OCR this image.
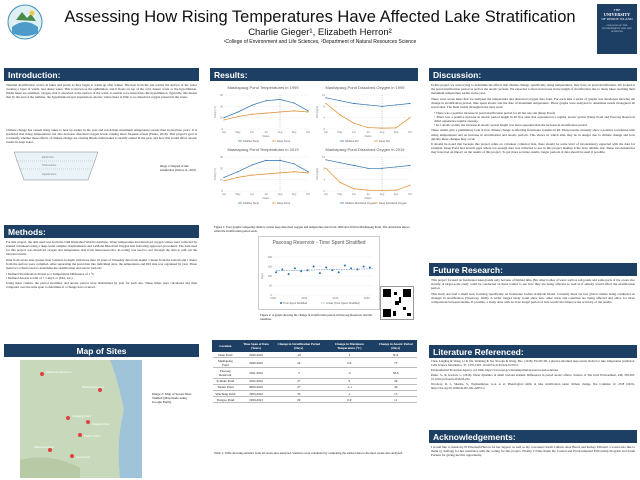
Assessing How Rising Temperatures Have Affected Lake Stratification
Charlie Gieger¹, Elizabeth Herron²
¹College of Environment and Life Sciences, ²Department of Natural Resources Science
THE
UNIVERSITY
OF RHODE ISLAND
COLLEGE OF THE ENVIRONMENT AND LIFE SCIENCES
Introduction:

Thermal stratification occurs in lakes and ponds as they begin to warm up after winter. The heat from the sun warms the surface of the water creating a layer of warm, less dense water. This is known as the epilimnion, and it floats on top of the cold, denser water or the hypolimnion. While lakes are stratified, oxygen, that is absorbed at the surface of the water, is unable to be mixed into the hypolimnion. Typically, this means that by the end of the summer, the hypolimnion layer experiences anoxia, where there is little to no dissolved oxygen present in the water.

Climate change has caused many lakes to heat up earlier in the year and reach their maximum temperature sooner than in previous years. It is predicted that rising temperatures can also decrease dissolved oxygen levels causing more frequent events (Pasko, 2016). This project's goal is to identify whether these effects of climate change are causing Rhode Island lakes to stratify earlier in the year, and how this would affect anoxic events in deep water.

Epilimnion
Thermocline
Hypolimnion
Image 1: Diagram of lake stratification (Chen et al., 2018)
Methods:

For this project, the data used was from the URI Watershed Watch's database. Water temperature and dissolved oxygen values were collected by trained volunteers using a deep-water sampler, thermometers and LaMotte Dissolved Oxygen kits following approved procedures. The data used for this project was dissolved oxygen and temperature data from lakes/reservoirs. R-coding was used to sort through the data to pull out the relevant results.

Data from seven sites greater than 5 meters in depth with more than 10 years of biweekly data from depths 1 meter from the bottom and 1 meter from the surface were compiled. After separating the pond data into individual sites, the temperature and DO data was organized by year. Three main two criteria used to determine the stratification and anoxic periods:

• Defined Stratification Period as a Temperature Difference of 1 °C

• Defined Anoxia as DO of < 1 mg/L or (DO₂ sat.)

Using these criteria, the period stratified, and anoxic period were determined by year for each site. These times were calculated and then compared over the time span to determine if a change had occurred.

Map of Sites
Waterman Reservoir
Mashapaug Pond
Yawgoog Pond
Tucker Pond
Watchaug Pond
Deep Pond
Yawgoo Pond
Image 2: Map of Seven Sites Studied (Map made using Google Earth)
Results:
Mashapaug Pond Temperatures in 1999
0
10
20
30
Apr	May	Jun	Jul	Aug	Sep	Oct
Dates
Temp (°C)
Shallow Temp	Deep Temp
Mashapaug Pond Dissolved Oxygen in 1999
0
4
8
12
Apr	May	Jun	Jul	Aug	Sep	Oct
Dates
DO (mg/L)
Shallow DO	Deep DO
Mashapaug Pond Temperatures in 2019
0
10
20
30
Apr	May	Jun	Jul	Aug	Sep	Oct
Dates
Temp (°C)
Shallow Temp	Deep Temp
Mashapaug Pond Dissolved Oxygen in 2019
0
4
8
12
Apr	May	Jun	Jul	Aug	Sep	Oct
Dates
DO (mg/L)
Shallow Dissolved Oxygen Deep Dissolved Oxygen
Figure 1: Four graphs comparing shallow versus deep dissolved oxygen and temperature data from 1999 and 2019 in Mashapaug Pond. The dotted line shows when the stratification period ends.
Pascoag Reservoir - Time Spent Stratified
0
50
100
150
200
1990	2000	2010	2020
Days
Time Spent Stratified	Linear (Time Spent Stratified)
Figure 2: A graph showing the change in stratification period in Pascoag Reservoir and the trendline.
Location	Time Span of Data (Years)	Change in Stratification Period (Days)	Change in Maximum Temperature (°C)	Change in Anoxic Period (Days)
Deep Pond	1999-2022	-16	3	N/A
Mashapaug Pond	1999-2022	24	0.9	75
Pascoag Reservoir	1991-2022	3	-3	50.6
Scituate Pond	1992-2022	27	9	29
Tucker Pond	2000-2022	27	-1.1	46
Watchaug Pond	1993-2022	33	-1	15
Yawgoo Pond	1990-2021	29	0.9	11
Table 1: Table showing statistics from all seven sites analyzed. Statistics were calculated by comparing the earliest data to the most recent data analyzed.
Discussion:

In this project we were trying to determine the effects that climate change, specifically rising temperatures, may have on pond stratification. We looked at the pond stratification period as well as the anoxic periods. We expected to find an increase in the length of stratification due to many lakes reaching their maximum temperature earlier in the year.

There were seven lakes that we analyzed the temperature and dissolved oxygen data from. For each lake a series of graphs was developed showing the change in stratification period, time spent anoxic and the date of maximum temperature. These graphs were analyzed to determine trends throughout all seven sites. The main trends throughout the sites were:

• There was a positive increase in pond stratification period for all but one site (Deep Pond).

• There was a positive increase in anoxic period length in all five sites that experienced a regular anoxic period (Deep Pond and Pascoag Reservoir didn't experience regular anoxia).

• In 5 anoxic ponds, the increase in anoxic period length was more apparent than the increase in stratification period.

These results give a preliminary look at how climate change is affecting freshwater systems in RI. These results currently show a positive correlation with rising temperatures and an increase in stratification and anoxic periods. This shows us which sites may be in danger due to climate change and how quickly these changes may occur.

It should be noted that because this project relies on volunteer collected data, there should be some level of inconsistency expected with the data for example, Deep Pond had several gaps where not enough data was collected to use in this project making it the least reliable site. These inconsistencies may have had an impact on the results of this project. To get more accurate results, longer periods of data should be used if possible.

Future Research:

This project focused on freshwater lakes/ponds only because of limited time. But other bodies of water such as salt ponds and some parts of the ocean also stratify. A larger-scale study could be conducted on these bodies to see how they are being affected as well as if salinity would affect the stratification period.

This study also had a small area, focusing specifically on freshwater bodies in Rhode Island. Currently there are few global studies being conducted on changes in stratification (Woolway, 2020). A wider ranged study could show how other areas and countries are being affected and allow for more comparisons between studies. If possible, a study done with an even longer period of data would also improve the accuracy of the results.

Literature Referenced:

Chen, Lingling & Wang, Li & Ma, Weiming & Xu, Xiaoqin & Wang, Hao. (2018). FLOW-3D, a physics-informed deep neural model for lake temperature prediction. Cells Science Informatics. 37. 1370-1393. 10.1007/s12145-024-01370-5.

Environmental Protection Agency. n.d. EPA. https://www.epa.gov/nutrientpollution/sources-and-solutions

Pasko, S., & Goetsch, L. (2016). Water dynamics in small lowland streams: Differences in period anoxic effects. Science of The Total Environment, 448, 359-365. 10.1016/j.scitotenv.2016.03.234

Woolway, R. I., Sharma, S., Weyhenmeyer, G.A. et al. Phenological shifts in lake stratification under climate change. Nat Commun 12, 2318 (2021). https://doi.org/10.1038/s41467-021-22657-4

Acknowledgements:

I would like to thank my PI Elizabeth Herron for her support as well as my coworkers Sarah Cullum, Alex Burch and Kelsey Thibault. I would also like to thank Q. Kellogg for her assistance with the coding for this project. Finally, I'd like thank the Coastal and Environmental Fellowship Program and Sarah Puckett for giving me this opportunity.
